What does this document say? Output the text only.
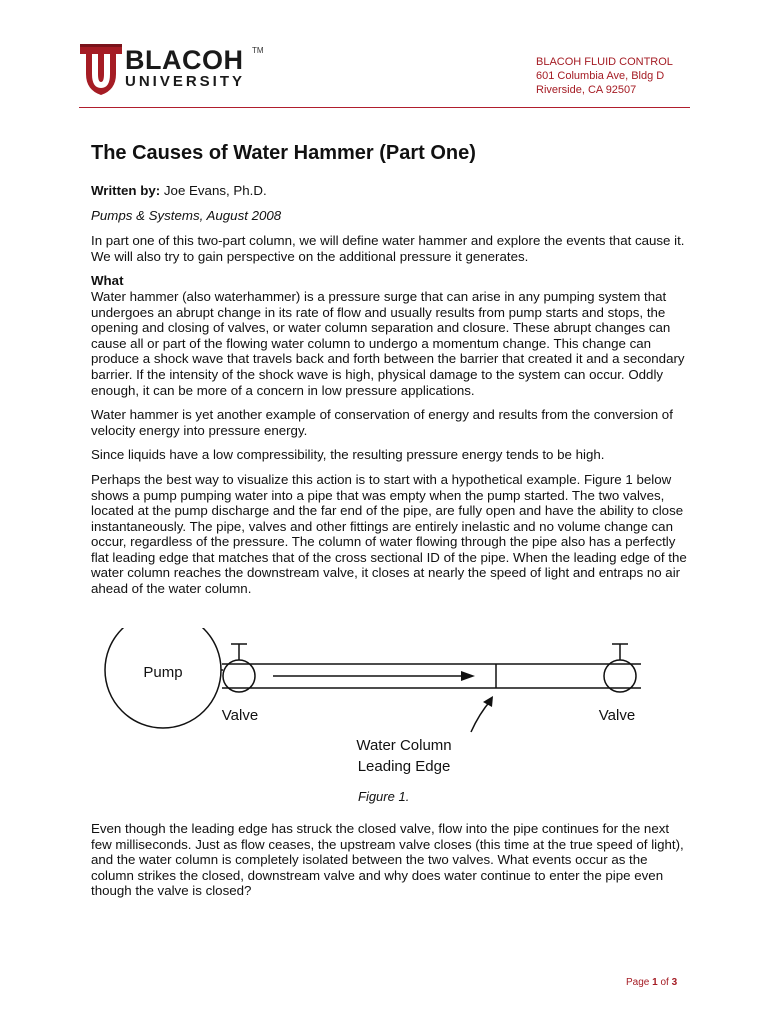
BLACOH TM
UNIVERSITY
BLACOH FLUID CONTROL
601 Columbia Ave, Bldg D
Riverside, CA 92507
The Causes of Water Hammer (Part One)

Written by: Joe Evans, Ph.D.

Pumps & Systems, August 2008

In part one of this two-part column, we will define water hammer and explore the events that cause it. We will also try to gain perspective on the additional pressure it generates.

What

Water hammer (also waterhammer) is a pressure surge that can arise in any pumping system that undergoes an abrupt change in its rate of flow and usually results from pump starts and stops, the opening and closing of valves, or water column separation and closure. These abrupt changes can cause all or part of the flowing water column to undergo a momentum change. This change can produce a shock wave that travels back and forth between the barrier that created it and a secondary barrier. If the intensity of the shock wave is high, physical damage to the system can occur. Oddly enough, it can be more of a concern in low pressure applications.

Water hammer is yet another example of conservation of energy and results from the conversion of velocity energy into pressure energy.

Since liquids have a low compressibility, the resulting pressure energy tends to be high.

Perhaps the best way to visualize this action is to start with a hypothetical example. Figure 1 below shows a pump pumping water into a pipe that was empty when the pump started. The two valves, located at the pump discharge and the far end of the pipe, are fully open and have the ability to close instantaneously. The pipe, valves and other fittings are entirely inelastic and no volume change can occur, regardless of the pressure. The column of water flowing through the pipe also has a perfectly flat leading edge that matches that of the cross sectional ID of the pipe. When the leading edge of the water column reaches the downstream valve, it closes at nearly the speed of light and entraps no air ahead of the water column.

Pump
Valve	Valve
Water Column
Leading Edge
Figure 1.

Even though the leading edge has struck the closed valve, flow into the pipe continues for the next few milliseconds. Just as flow ceases, the upstream valve closes (this time at the true speed of light), and the water column is completely isolated between the two valves. What events occur as the column strikes the closed, downstream valve and why does water continue to enter the pipe even though the valve is closed?

Page 1 of 3
